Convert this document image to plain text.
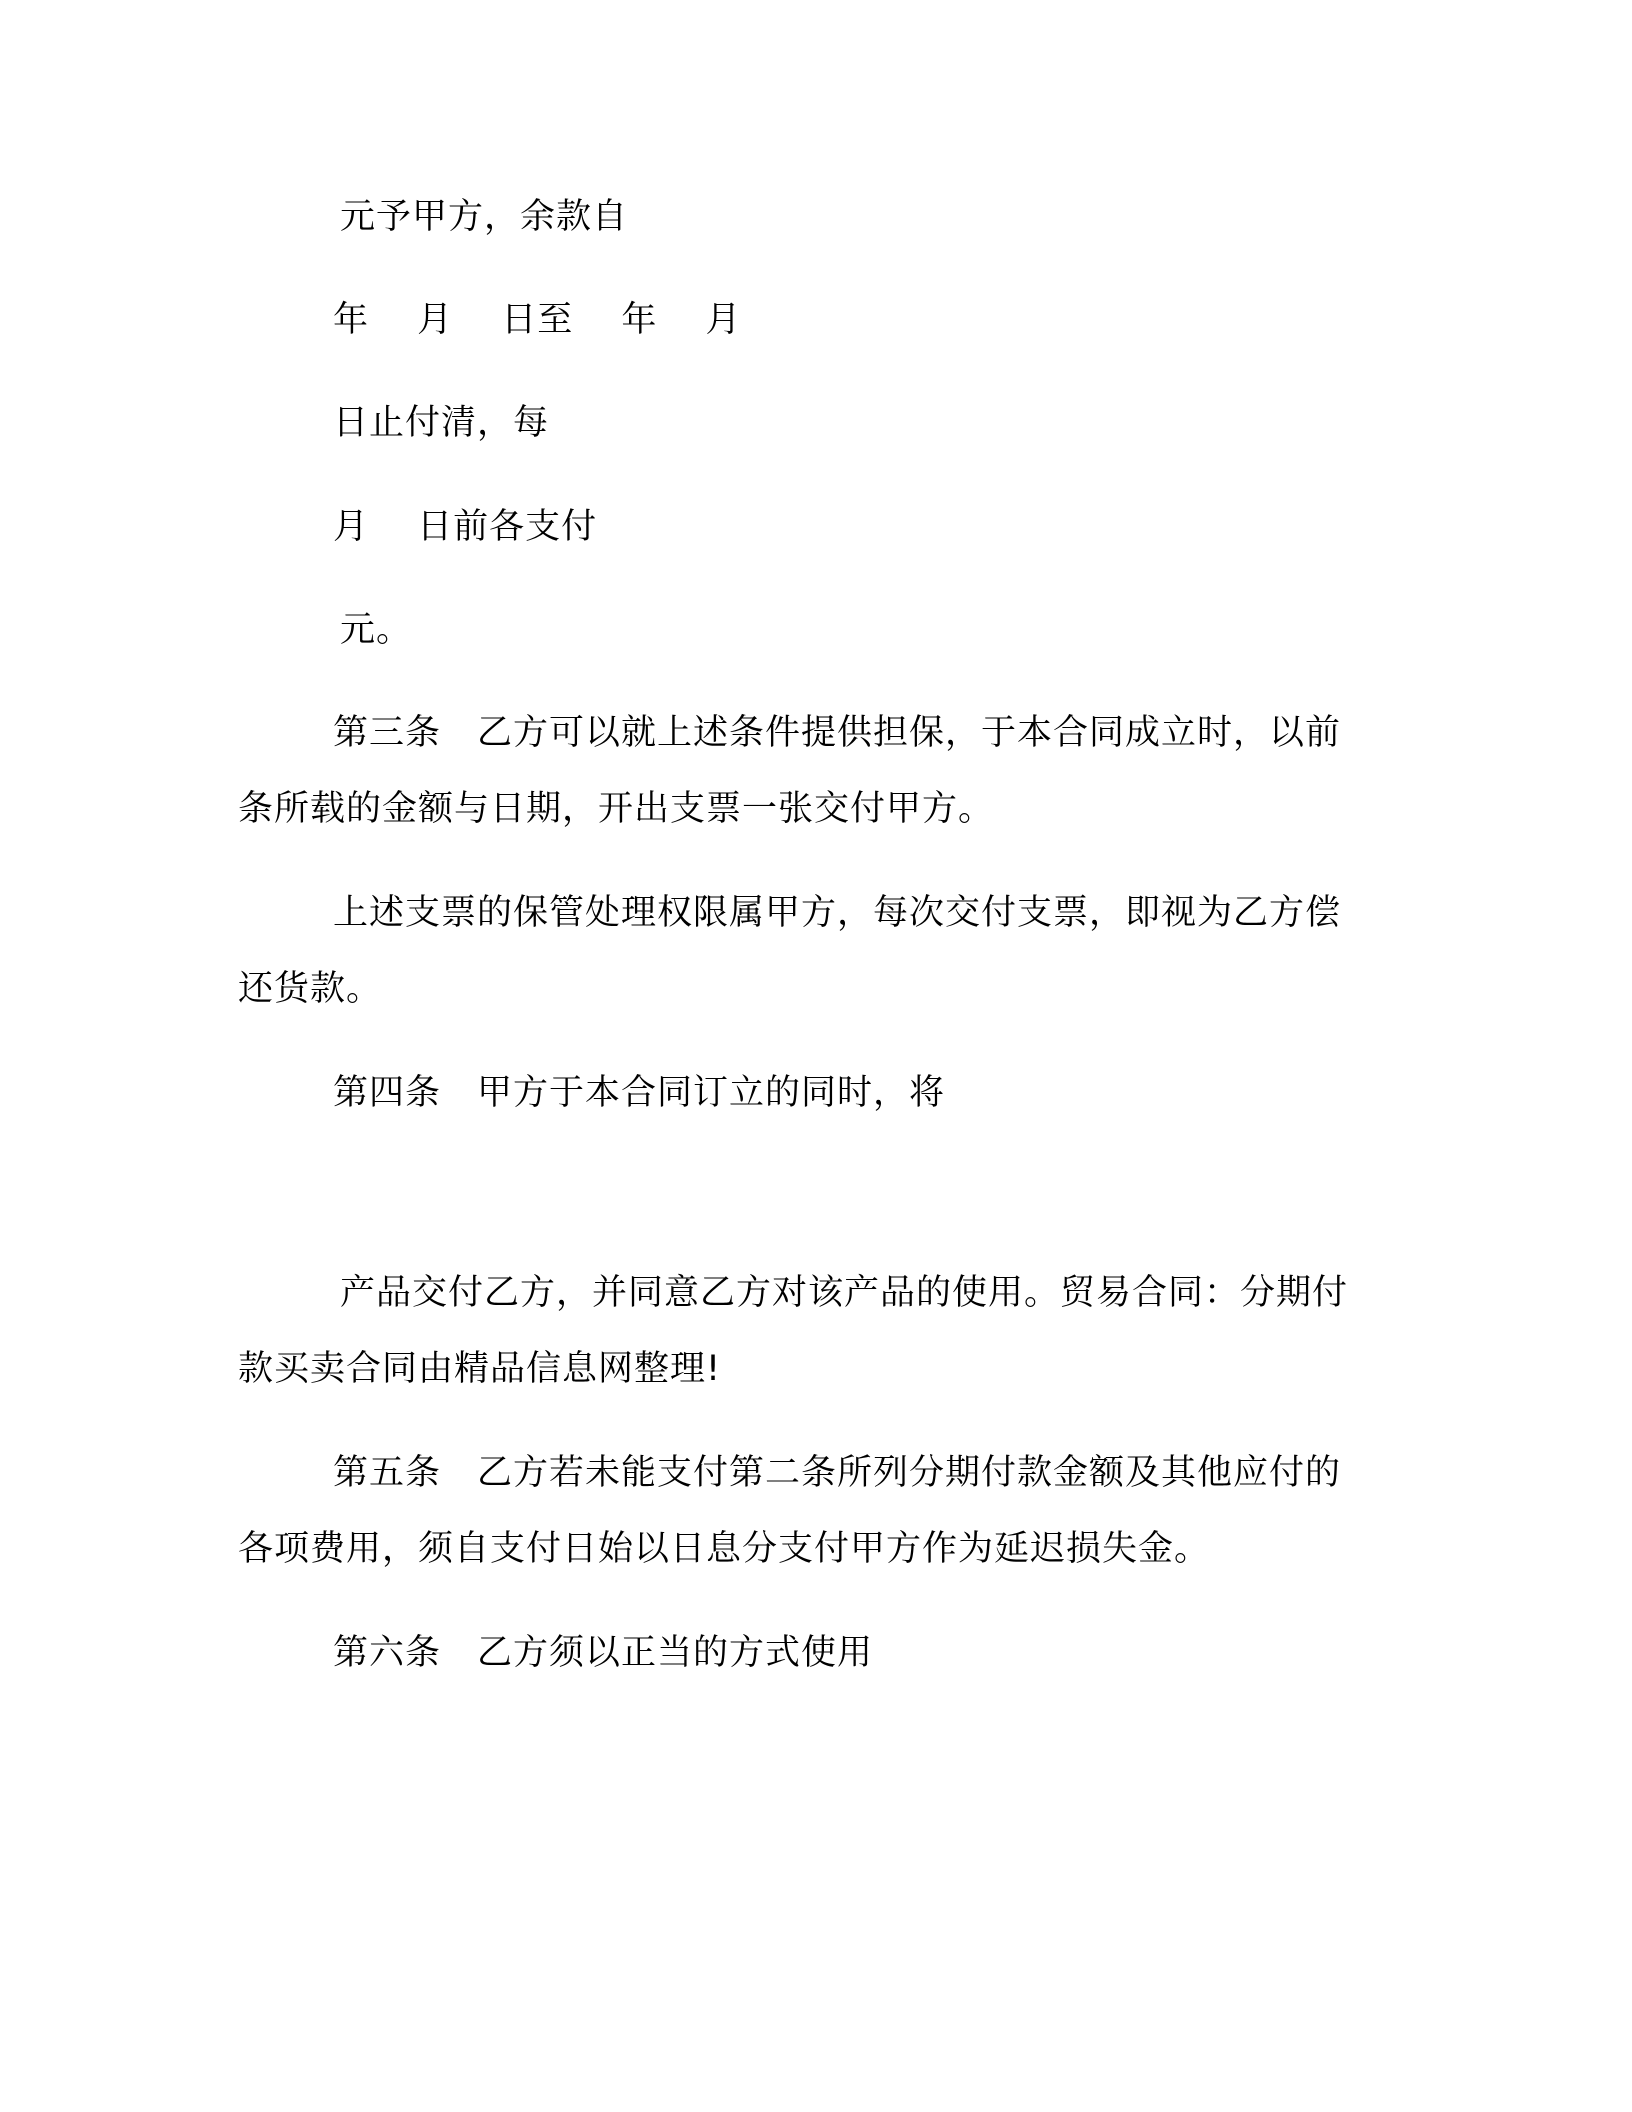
元予甲方，余款自
年　 月　 日至　 年　 月
日止付清，每
月　 日前各支付
元。
第三条　乙方可以就上述条件提供担保，于本合同成立时，以前
条所载的金额与日期，开出支票一张交付甲方。
上述支票的保管处理权限属甲方，每次交付支票，即视为乙方偿
还货款。
第四条　甲方于本合同订立的同时，将
产品交付乙方，并同意乙方对该产品的使用。贸易合同：分期付
款买卖合同由精品信息网整理!
第五条　乙方若未能支付第二条所列分期付款金额及其他应付的
各项费用，须自支付日始以日息分支付甲方作为延迟损失金。
第六条　乙方须以正当的方式使用
